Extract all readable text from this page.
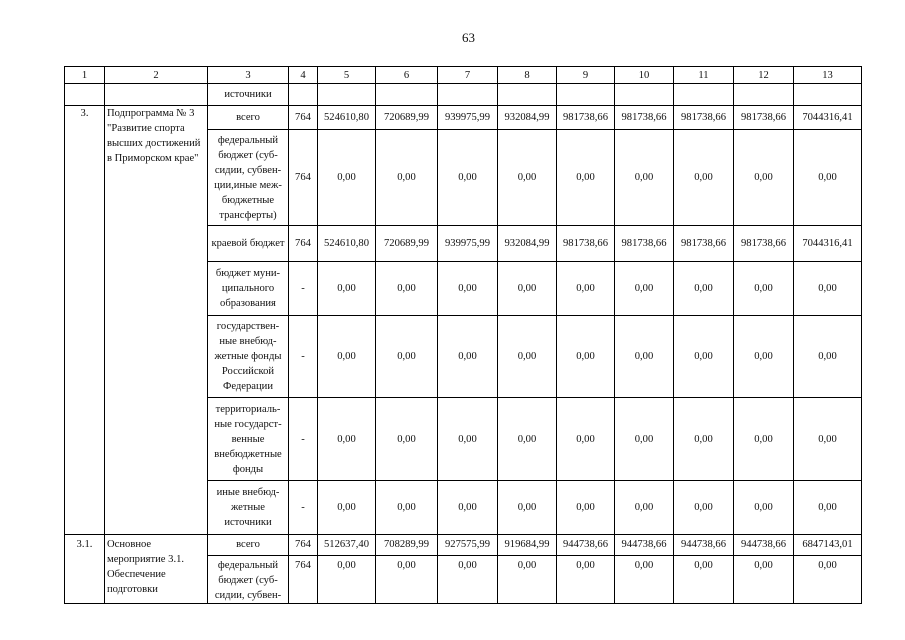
63
1	2	3	4	5	6	7	8	9	10	11	12	13
		источники										
3.	Подпрограмма № 3 "Развитие спорта высших достижений в Приморском крае"	всего	764	524610,80	720689,99	939975,99	932084,99	981738,66	981738,66	981738,66	981738,66	7044316,41
		федеральный бюджет (суб-сидии, субвен-ции,иные меж-бюджетные трансферты)	764	0,00	0,00	0,00	0,00	0,00	0,00	0,00	0,00	0,00
		краевой бюджет	764	524610,80	720689,99	939975,99	932084,99	981738,66	981738,66	981738,66	981738,66	7044316,41
		бюджет муни-ципального образования	-	0,00	0,00	0,00	0,00	0,00	0,00	0,00	0,00	0,00
		государствен-ные внебюд-жетные фонды Российской Федерации	-	0,00	0,00	0,00	0,00	0,00	0,00	0,00	0,00	0,00
		территориаль-ные государст-венные внебюджетные фонды	-	0,00	0,00	0,00	0,00	0,00	0,00	0,00	0,00	0,00
		иные внебюд-жетные источники	-	0,00	0,00	0,00	0,00	0,00	0,00	0,00	0,00	0,00
3.1.	Основное мероприятие 3.1. Обеспечение подготовки	всего	764	512637,40	708289,99	927575,99	919684,99	944738,66	944738,66	944738,66	944738,66	6847143,01
		федеральный бюджет (суб-сидии, субвен-	764	0,00	0,00	0,00	0,00	0,00	0,00	0,00	0,00	0,00
